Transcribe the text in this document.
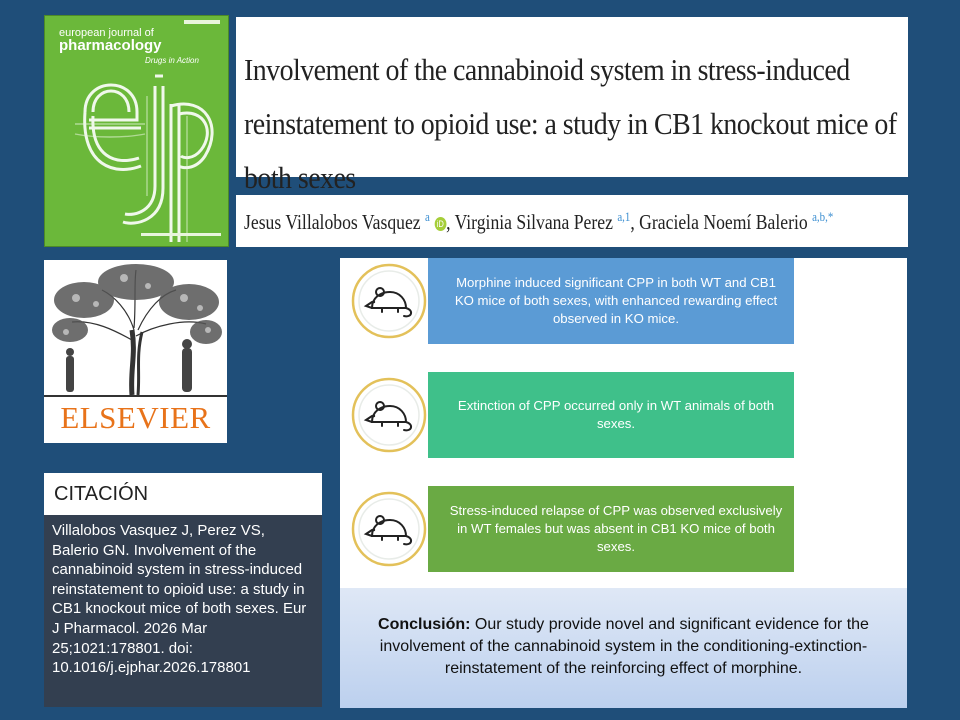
european journal of
pharmacology
Drugs in Action Involvement of the cannabinoid system in stress-induced reinstatement to opioid use: a study in CB1 knockout mice of both sexes
Jesus Villalobos Vasquez $^a$ iD , Virginia Silvana Perez $^{a,1}$, Graciela Noemí Balerio $^{a,b,*}$
ELSEVIER
CITACIÓN
Villalobos Vasquez J, Perez VS, Balerio GN. Involvement of the cannabinoid system in stress-induced reinstatement to opioid use: a study in CB1 knockout mice of both sexes. Eur J Pharmacol. 2026 Mar 25;1021:178801. doi: 10.1016/j.ejphar.2026.178801
Morphine induced significant CPP in both WT and CB1 KO mice of both sexes, with enhanced rewarding effect observed in KO mice.
Extinction of CPP occurred only in WT animals of both sexes.
Stress-induced relapse of CPP was observed exclusively in WT females but was absent in CB1 KO mice of both sexes.
Conclusión: Our study provide novel and significant evidence for the involvement of the cannabinoid system in the conditioning-extinction-reinstatement of the reinforcing effect of morphine.
